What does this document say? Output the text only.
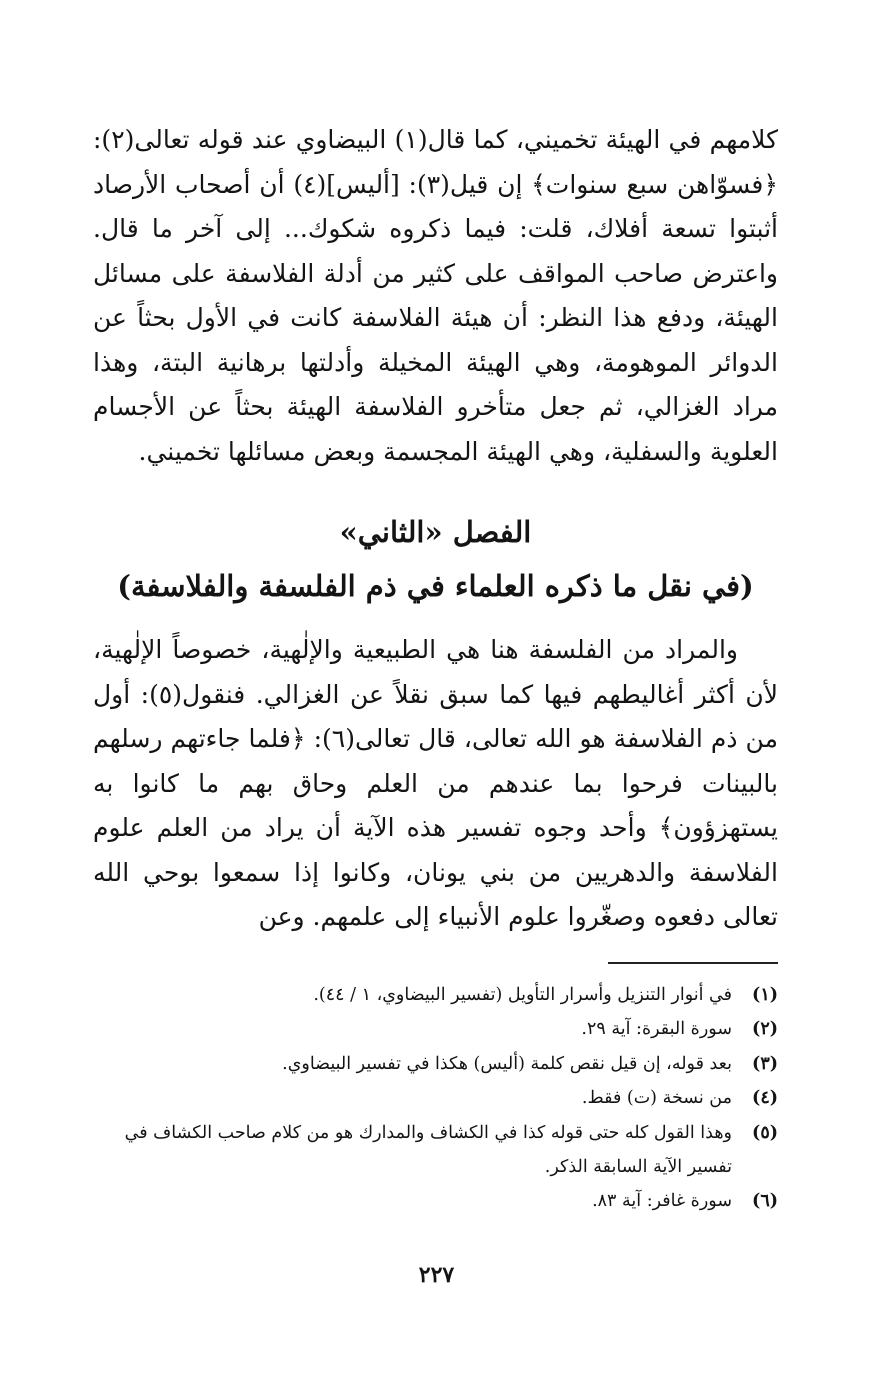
كلامهم في الهيئة تخميني، كما قال(١) البيضاوي عند قوله تعالى(٢): ﴿فسوّاهن سبع سنوات﴾ إن قيل(٣): [أليس](٤) أن أصحاب الأرصاد أثبتوا تسعة أفلاك، قلت: فيما ذكروه شكوك... إلى آخر ما قال. واعترض صاحب المواقف على كثير من أدلة الفلاسفة على مسائل الهيئة، ودفع هذا النظر: أن هيئة الفلاسفة كانت في الأول بحثاً عن الدوائر الموهومة، وهي الهيئة المخيلة وأدلتها برهانية البتة، وهذا مراد الغزالي، ثم جعل متأخرو الفلاسفة الهيئة بحثاً عن الأجسام العلوية والسفلية، وهي الهيئة المجسمة وبعض مسائلها تخميني.

الفصل «الثاني»
(في نقل ما ذكره العلماء في ذم الفلسفة والفلاسفة)

والمراد من الفلسفة هنا هي الطبيعية والإلٰهية، خصوصاً الإلٰهية، لأن أكثر أغاليطهم فيها كما سبق نقلاً عن الغزالي. فنقول(٥): أول من ذم الفلاسفة هو الله تعالى، قال تعالى(٦): ﴿فلما جاءتهم رسلهم بالبينات فرحوا بما عندهم من العلم وحاق بهم ما كانوا به يستهزؤون﴾ وأحد وجوه تفسير هذه الآية أن يراد من العلم علوم الفلاسفة والدهريين من بني يونان، وكانوا إذا سمعوا بوحي الله تعالى دفعوه وصغّروا علوم الأنبياء إلى علمهم. وعن

(١)
في أنوار التنزيل وأسرار التأويل (تفسير البيضاوي، ١ / ٤٤).
(٢)
سورة البقرة: آية ٢٩.
(٣)
بعد قوله، إن قيل نقص كلمة (أليس) هكذا في تفسير البيضاوي.
(٤)
من نسخة (ت) فقط.
(٥)
وهذا القول كله حتى قوله كذا في الكشاف والمدارك هو من كلام صاحب الكشاف في تفسير الآية السابقة الذكر.
(٦)
سورة غافر: آية ٨٣.
٢٢٧
